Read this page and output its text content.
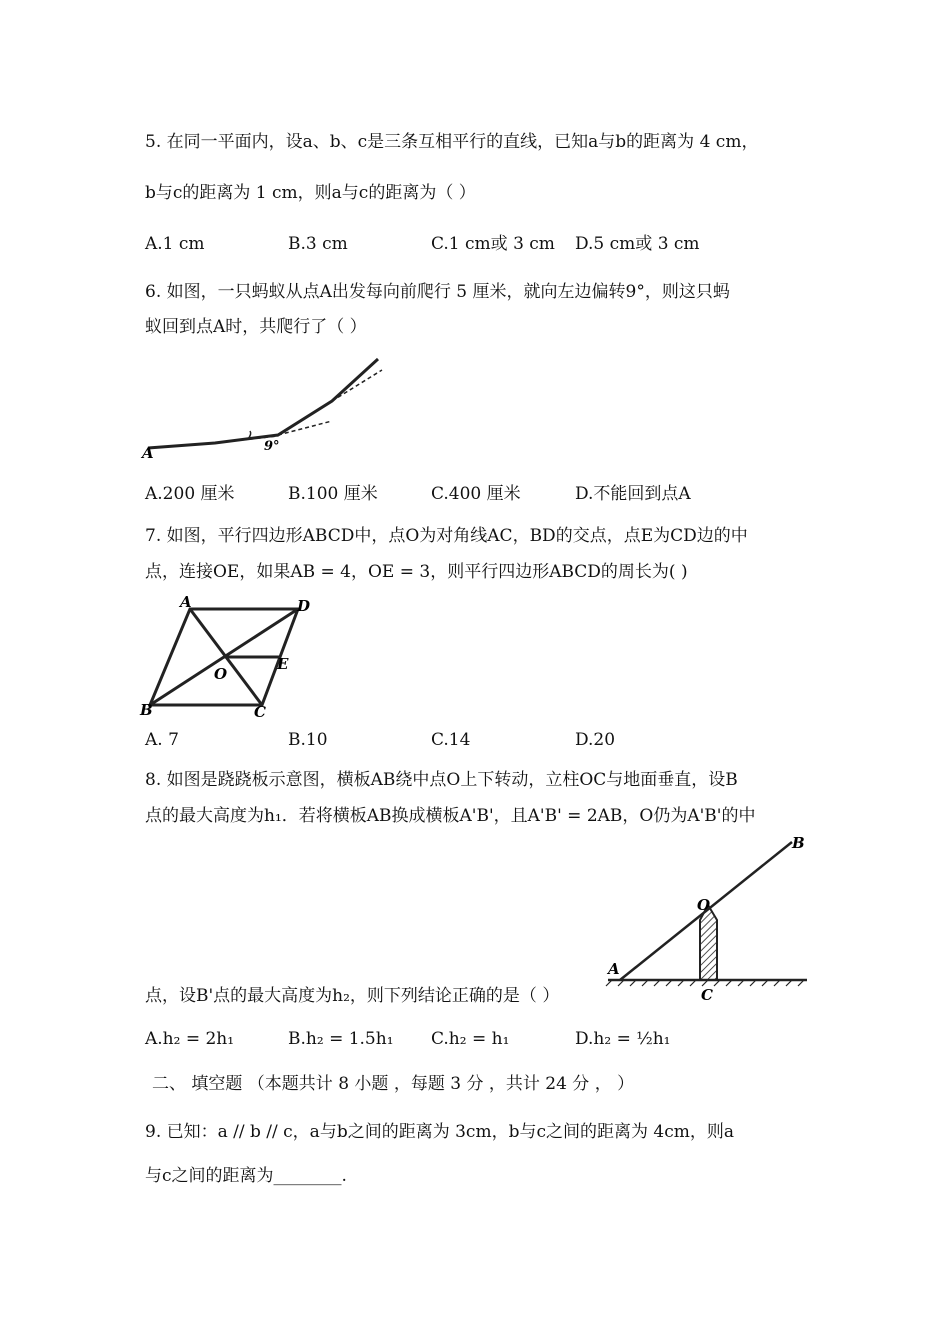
5. 在同一平面内，设a、b、c是三条互相平行的直线，已知a与b的距离为 4 cm，
b与c的距离为 1 cm，则a与c的距离为（ ）
A.1 cm	B.3 cm	C.1 cm或 3 cm D.5 cm或 3 cm
6. 如图，一只蚂蚁从点A出发每向前爬行 5 厘米，就向左边偏转9°，则这只蚂
蚁回到点A时，共爬行了（ ）
A	9°
A.200 厘米	B.100 厘米	C.400 厘米	D.不能回到点A
7. 如图，平行四边形ABCD中，点O为对角线AC，BD的交点，点E为CD边的中
点，连接OE，如果AB = 4，OE = 3，则平行四边形ABCD的周长为( )
A	D
O
E
B	C
A. 7	B.10	C.14	D.20
8. 如图是跷跷板示意图，横板AB绕中点O上下转动，立柱OC与地面垂直，设B
点的最大高度为h₁．若将横板AB换成横板A'B'，且A'B' = 2AB，O仍为A'B'的中
A
B
O
C
点，设B'点的最大高度为h₂，则下列结论正确的是（ ）
A.h₂ = 2h₁	B.h₂ = 1.5h₁ C.h₂ = h₁	D.h₂ = ½h₁
二、 填空题 （本题共计 8 小题 ，每题 3 分 ，共计 24 分 ， ）
9. 已知：a // b // c，a与b之间的距离为 3cm，b与c之间的距离为 4cm，则a
与c之间的距离为________.
